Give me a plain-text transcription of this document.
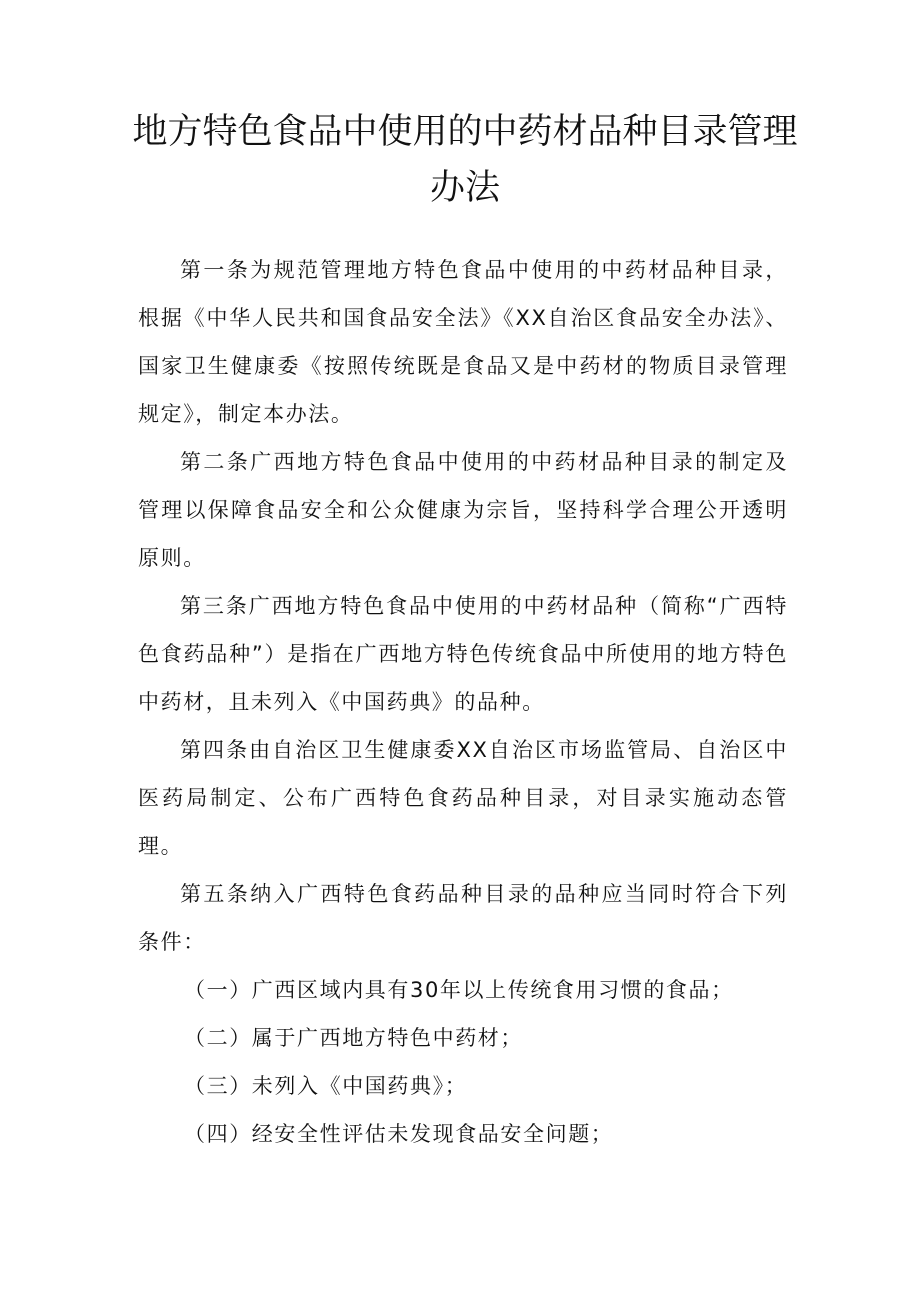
地方特色食品中使用的中药材品种目录管理办法

第一条为规范管理地方特色食品中使用的中药材品种目录，根据《中华人民共和国食品安全法》《XX自治区食品安全办法》、国家卫生健康委《按照传统既是食品又是中药材的物质目录管理规定》，制定本办法。

第二条广西地方特色食品中使用的中药材品种目录的制定及管理以保障食品安全和公众健康为宗旨，坚持科学合理公开透明原则。

第三条广西地方特色食品中使用的中药材品种（简称“广西特色食药品种”）是指在广西地方特色传统食品中所使用的地方特色中药材，且未列入《中国药典》的品种。

第四条由自治区卫生健康委XX自治区市场监管局、自治区中医药局制定、公布广西特色食药品种目录，对目录实施动态管理。

第五条纳入广西特色食药品种目录的品种应当同时符合下列条件：

（一）广西区域内具有30年以上传统食用习惯的食品；

（二）属于广西地方特色中药材；

（三）未列入《中国药典》；

（四）经安全性评估未发现食品安全问题；
